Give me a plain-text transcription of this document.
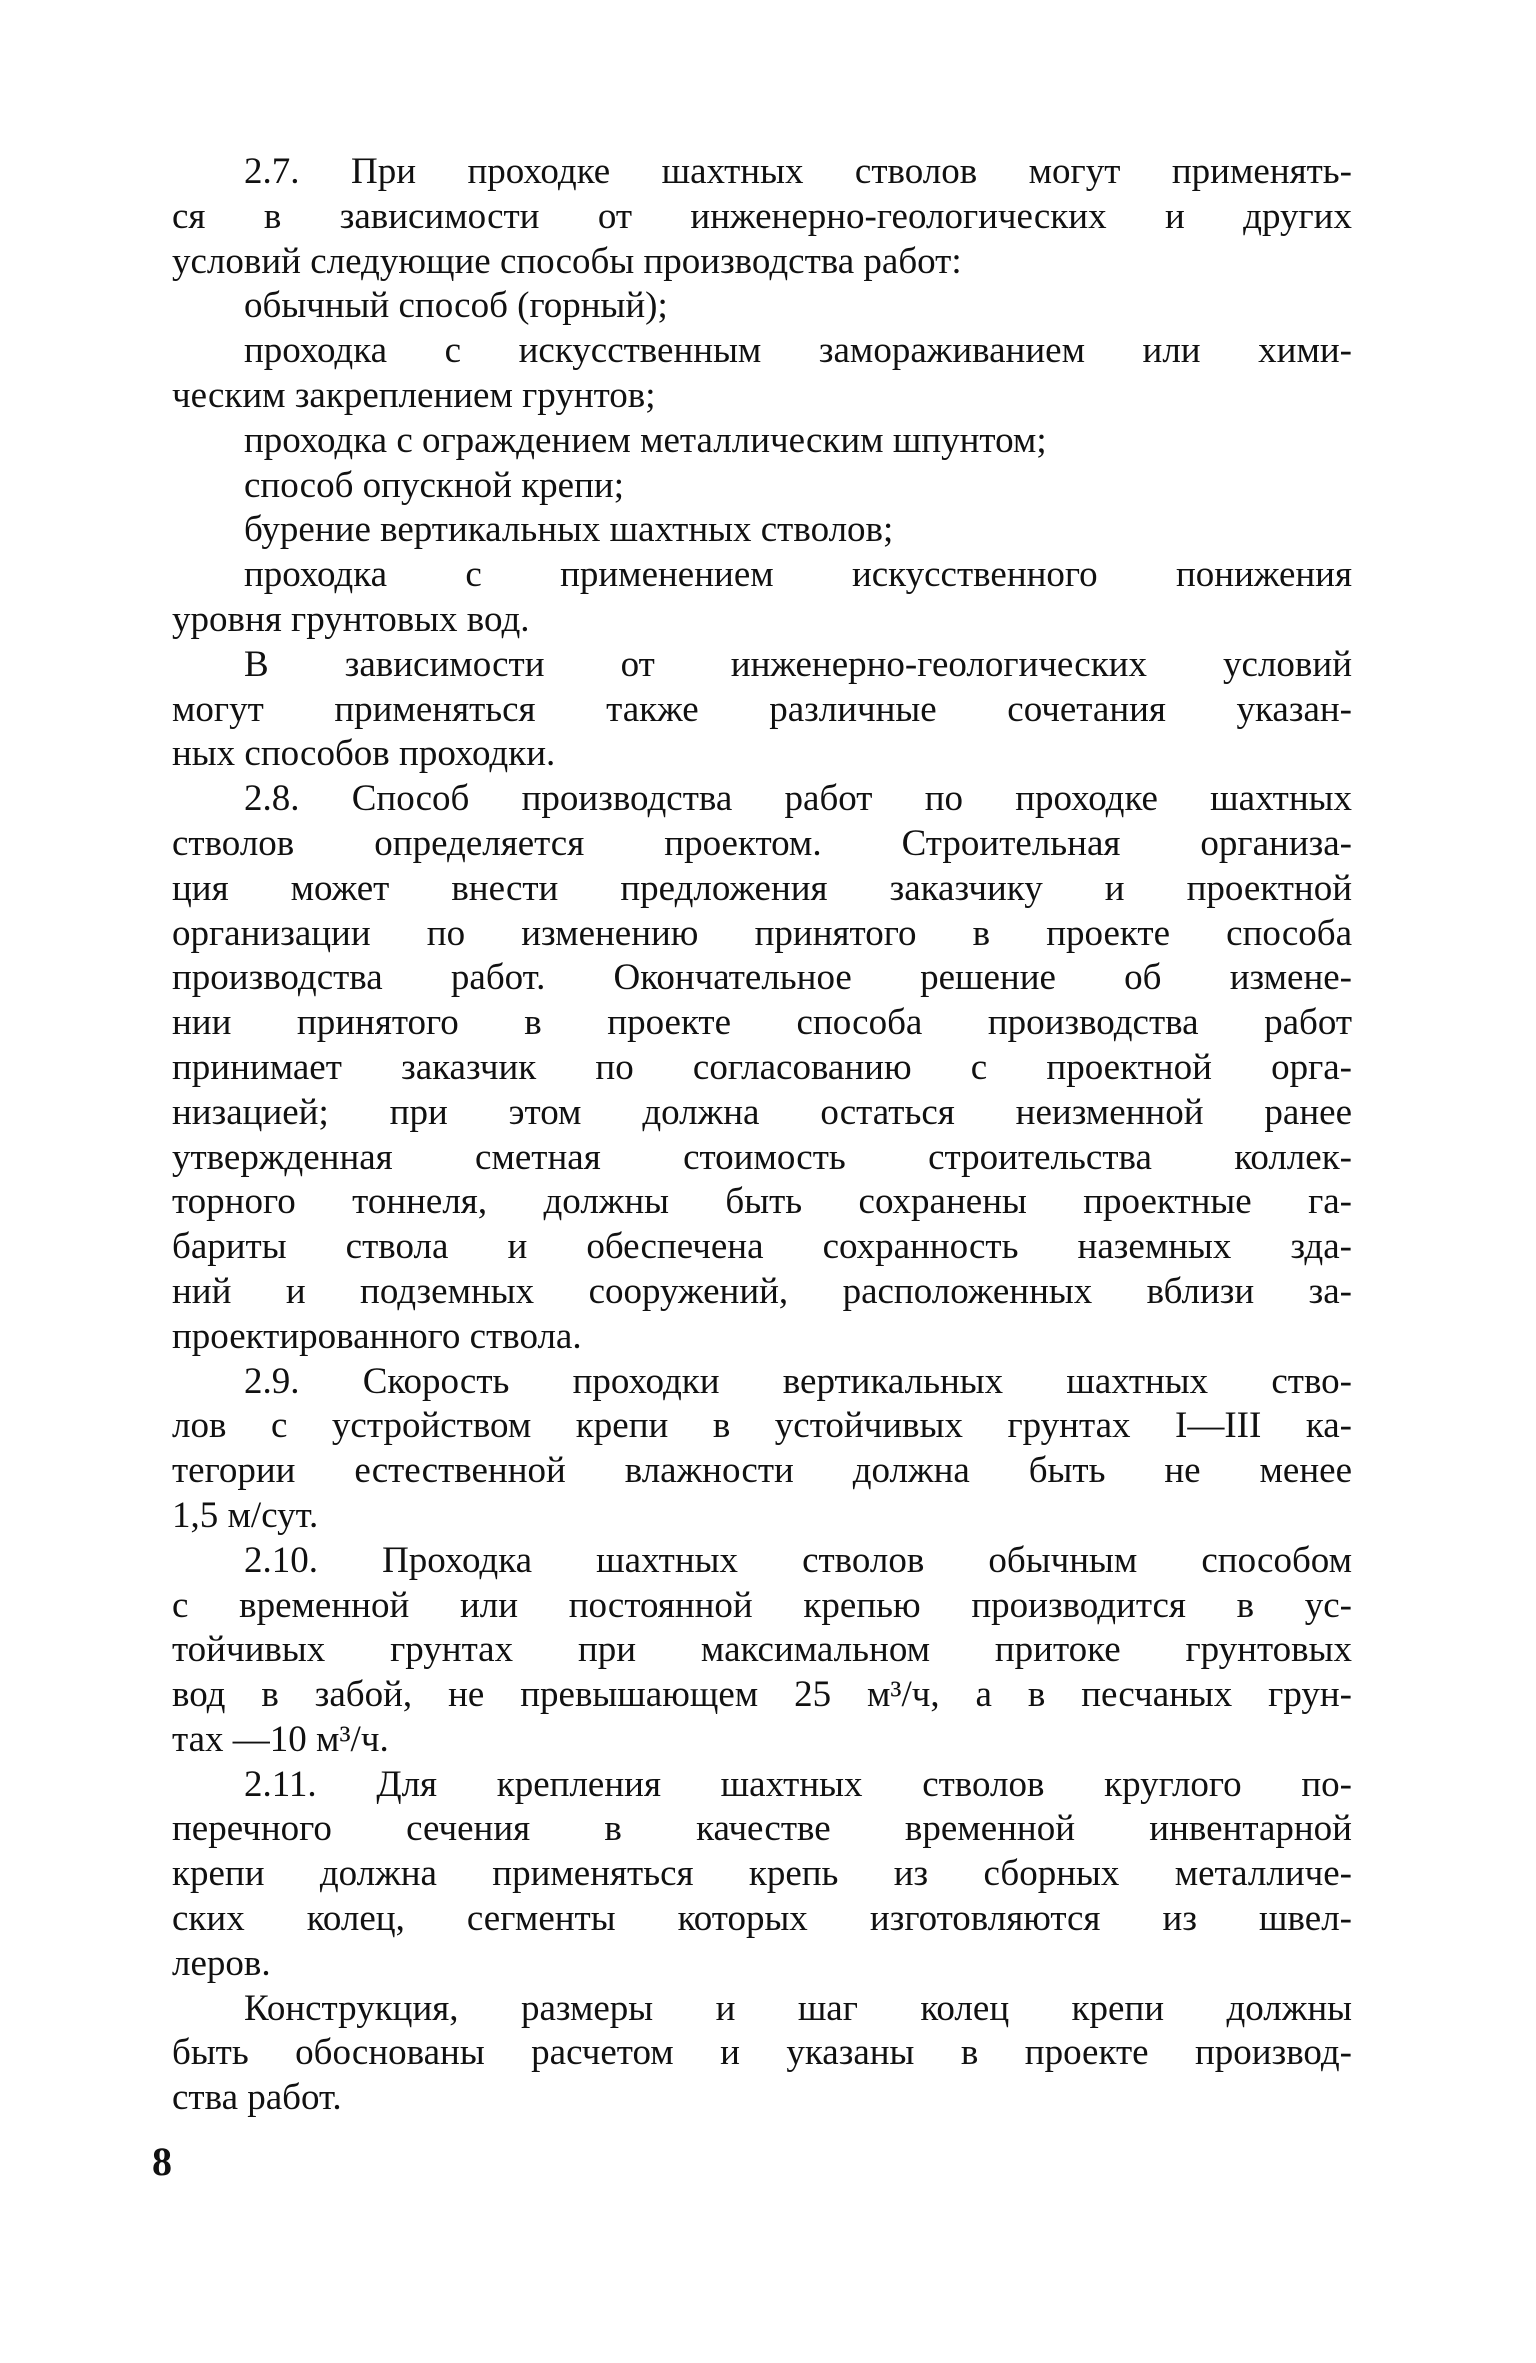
2.7. При проходке шахтных стволов могут применять-
ся в зависимости от инженерно-геологических и других
условий следующие способы производства работ:
обычный способ (горный);
проходка с искусственным замораживанием или хими-
ческим закреплением грунтов;
проходка с ограждением металлическим шпунтом;
способ опускной крепи;
бурение вертикальных шахтных стволов;
проходка с применением искусственного понижения
уровня грунтовых вод.
В зависимости от инженерно-геологических условий
могут применяться также различные сочетания указан-
ных способов проходки.
2.8. Способ производства работ по проходке шахтных
стволов определяется проектом. Строительная организа-
ция может внести предложения заказчику и проектной
организации по изменению принятого в проекте способа
производства работ. Окончательное решение об измене-
нии принятого в проекте способа производства работ
принимает заказчик по согласованию с проектной орга-
низацией; при этом должна остаться неизменной ранее
утвержденная сметная стоимость строительства коллек-
торного тоннеля, должны быть сохранены проектные га-
бариты ствола и обеспечена сохранность наземных зда-
ний и подземных сооружений, расположенных вблизи за-
проектированного ствола.
2.9. Скорость проходки вертикальных шахтных ство-
лов с устройством крепи в устойчивых грунтах I—III ка-
тегории естественной влажности должна быть не менее
1,5 м/сут.
2.10. Проходка шахтных стволов обычным способом
с временной или постоянной крепью производится в ус-
тойчивых грунтах при максимальном притоке грунтовых
вод в забой, не превышающем 25 м³/ч, а в песчаных грун-
тах —10 м³/ч.
2.11. Для крепления шахтных стволов круглого по-
перечного сечения в качестве временной инвентарной
крепи должна применяться крепь из сборных металличе-
ских колец, сегменты которых изготовляются из швел-
леров.
Конструкция, размеры и шаг колец крепи должны
быть обоснованы расчетом и указаны в проекте производ-
ства работ.
8
